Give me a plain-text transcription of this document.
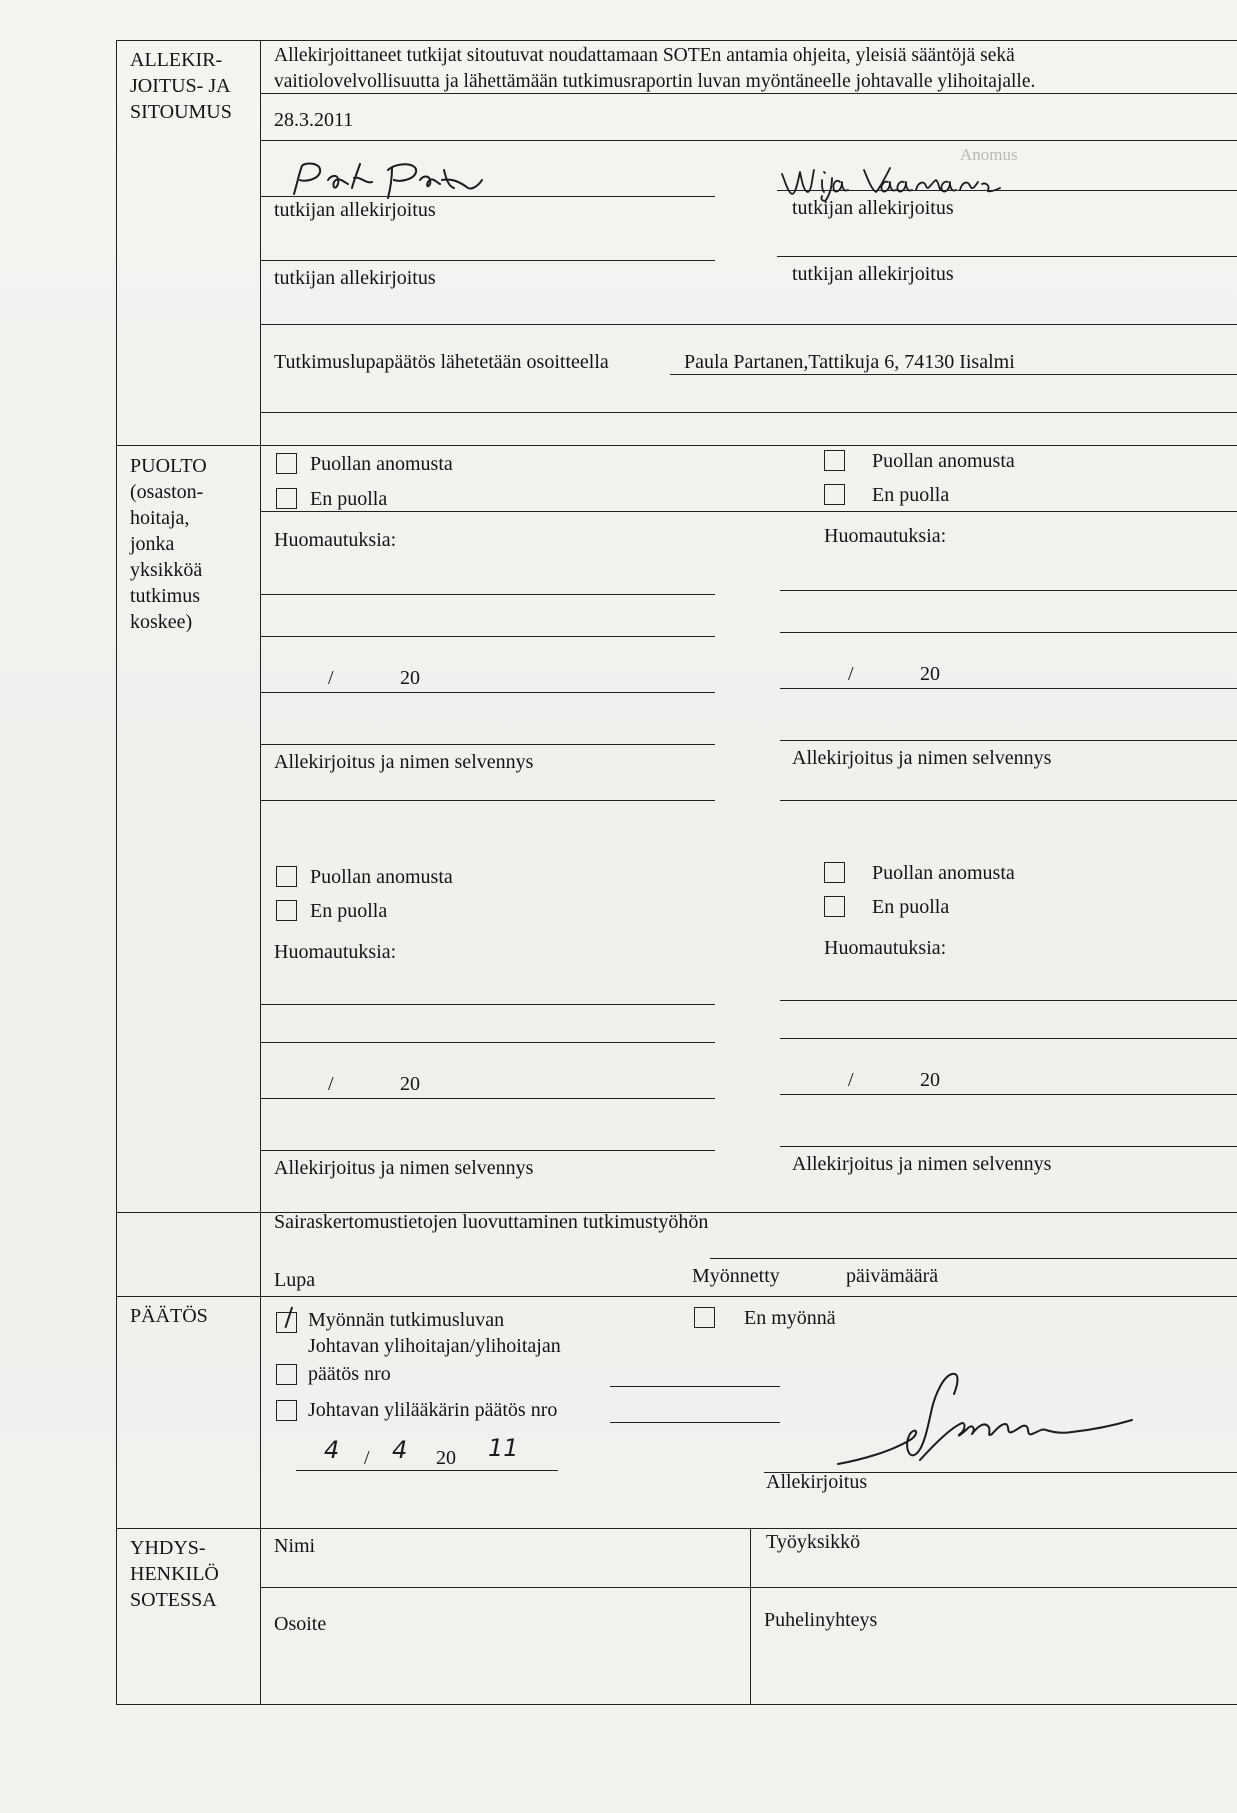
Anomus
ALLEKIR-
JOITUS- JA
SITOUMUS
Allekirjoittaneet tutkijat sitoutuvat noudattamaan SOTEn antamia ohjeita, yleisiä sääntöjä sekä
vaitiolovelvollisuutta ja lähettämään tutkimusraportin luvan myöntäneelle johtavalle ylihoitajalle.
28.3.2011
tutkijan allekirjoitus	tutkijan allekirjoitus
tutkijan allekirjoitus	tutkijan allekirjoitus
Tutkimuslupapäätös lähetetään osoitteella	Paula Partanen,Tattikuja 6, 74130 Iisalmi
PUOLTO
(osaston-
hoitaja,
jonka
yksikköä
tutkimus
koskee)
Puollan anomusta
En puolla
Huomautuksia:
Puollan anomusta
En puolla
Huomautuksia:
/	20	/	20
Allekirjoitus ja nimen selvennys	Allekirjoitus ja nimen selvennys
Puollan anomusta
En puolla
Huomautuksia:
Puollan anomusta
En puolla
Huomautuksia:
/	20	/	20
Allekirjoitus ja nimen selvennys	Allekirjoitus ja nimen selvennys
Sairaskertomustietojen luovuttaminen tutkimustyöhön
Lupa	Myönnetty	päivämäärä
PÄÄTÖS	Myönnän tutkimusluvan	En myönnä
Johtavan ylihoitajan/ylihoitajan
päätös nro
Johtavan ylilääkärin päätös nro
4 / 4 20 11
Allekirjoitus
YHDYS-
HENKILÖ
SOTESSA
Nimi	Työyksikkö
Osoite	Puhelinyhteys
